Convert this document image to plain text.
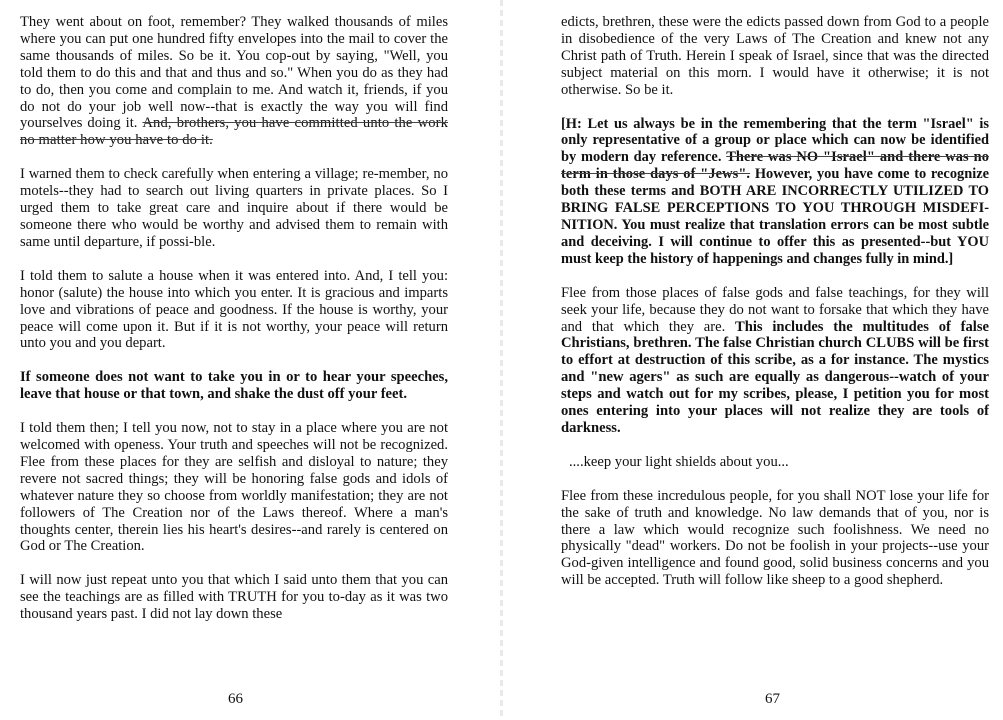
They went about on foot, remember? They walked thousands of miles where you can put one hundred fifty envelopes into the mail to cover the same thousands of miles. So be it. You cop-out by saying, "Well, you told them to do this and that and thus and so." When you do as they had to do, then you come and complain to me. And watch it, friends, if you do not do your job well now--that is exactly the way you will find yourselves doing it. And, brothers, you have committed unto the work no matter how you have to do it.

I warned them to check carefully when entering a village; re-member, no motels--they had to search out living quarters in private places. So I urged them to take great care and inquire about if there would be someone there who would be worthy and advised them to remain with same until departure, if possi-ble.

I told them to salute a house when it was entered into. And, I tell you: honor (salute) the house into which you enter. It is gracious and imparts love and vibrations of peace and goodness. If the house is worthy, your peace will come upon it. But if it is not worthy, your peace will return unto you and you depart.

If someone does not want to take you in or to hear your speeches, leave that house or that town, and shake the dust off your feet.

I told them then; I tell you now, not to stay in a place where you are not welcomed with openess. Your truth and speeches will not be recognized. Flee from these places for they are selfish and disloyal to nature; they revere not sacred things; they will be honoring false gods and idols of whatever nature they so choose from worldly manifestation; they are not followers of The Creation nor of the Laws thereof. Where a man's thoughts center, therein lies his heart's desires--and rarely is centered on God or The Creation.

I will now just repeat unto you that which I said unto them that you can see the teachings are as filled with TRUTH for you to-day as it was two thousand years past. I did not lay down these

66

edicts, brethren, these were the edicts passed down from God to a people in disobedience of the very Laws of The Creation and knew not any Christ path of Truth. Herein I speak of Israel, since that was the directed subject material on this morn. I would have it otherwise; it is not otherwise. So be it.

[H: Let us always be in the remembering that the term "Israel" is only representative of a group or place which can now be identified by modern day reference. There was NO "Israel" and there was no term in those days of "Jews". However, you have come to recognize both these terms and BOTH ARE INCORRECTLY UTILIZED TO BRING FALSE PERCEPTIONS TO YOU THROUGH MISDEFI-NITION. You must realize that translation errors can be most subtle and deceiving. I will continue to offer this as presented--but YOU must keep the history of happenings and changes fully in mind.]

Flee from those places of false gods and false teachings, for they will seek your life, because they do not want to forsake that which they have and that which they are. This includes the multitudes of false Christians, brethren. The false Christian church CLUBS will be first to effort at destruction of this scribe, as a for instance. The mystics and "new agers" as such are equally as dangerous--watch of your steps and watch out for my scribes, please, I petition you for most ones entering into your places will not realize they are tools of darkness.

....keep your light shields about you...

Flee from these incredulous people, for you shall NOT lose your life for the sake of truth and knowledge. No law demands that of you, nor is there a law which would recognize such foolishness. We need no physically "dead" workers. Do not be foolish in your projects--use your God-given intelligence and found good, solid business concerns and you will be accepted. Truth will follow like sheep to a good shepherd.

67
